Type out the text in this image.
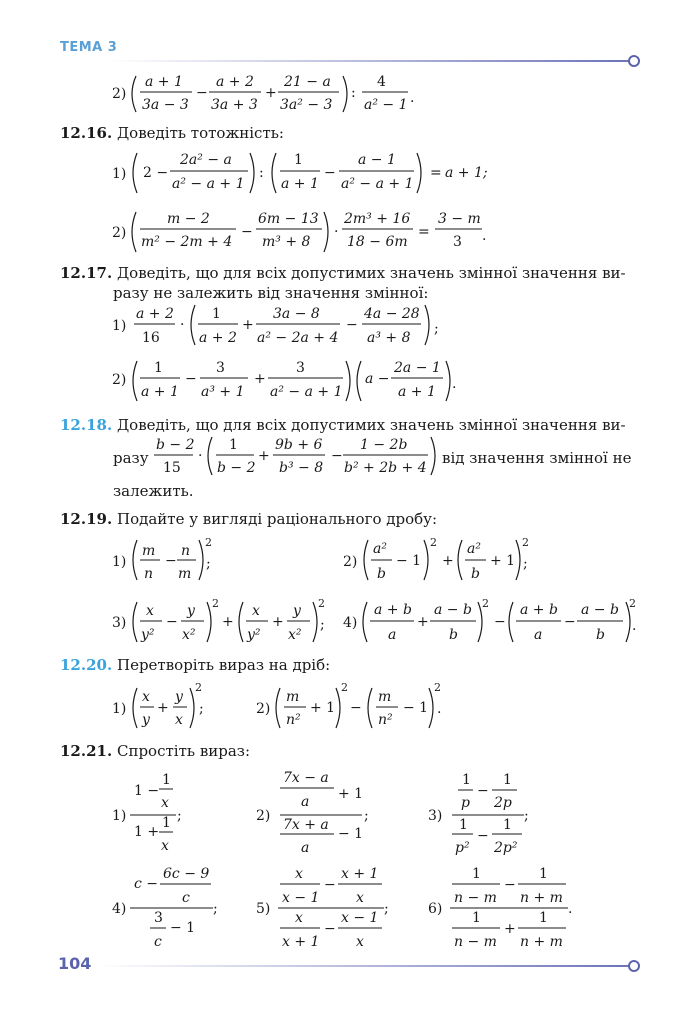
ТЕМА 3
12.16. Доведіть тотожність:
12.17. Доведіть, що для всіх допустимих значень змінної значення ви-
разу не залежить від значення змінної:
12.18. Доведіть, що для всіх допустимих значень змінної значення ви-
разу	від значення змінної не
залежить.
12.19. Подайте у вигляді раціонального дробу:
12.20. Перетворіть вираз на дріб:
12.21. Спростіть вираз:
2)
a + 1
3a − 3
−
a + 2
3a + 3
+
21 − a
3a² − 3
:
4
a² − 1 .
1) 2 −
2a² − a
a² − a + 1
:
1
a + 1
−
a − 1
a² − a + 1
= a + 1;
2)
m − 2
m² − 2m + 4
−
6m − 13
m³ + 8
·
2m³ + 16
18 − 6m
=
3 − m
3 .
1)
a + 2
16
·
1
a + 2
+
3a − 8
a² − 2a + 4
−
4a − 28
a³ + 8
;
2)
1
a + 1
−
3
a³ + 1
+
3
a² − a + 1
a −
2a − 1
a + 1 .
b − 2
15
·
1
b − 2
+
9b + 6
b³ − 8
−
1 − 2b
b² + 2b + 4
1)
m
n
−
n
m
2
;	2)
a²
b
− 1
2
+
a²
b
+ 1
2
;
3)
x
y²
−
y
x²
2
+
x
y²
+
y
x²
2
; 4)
a + b
a
+
a − b
b
2
−
a + b
a
−
a − b
b
2
.
1)
x
y
+
y
x
2
;	2)
m
n²
+ 1
2
−
m
n²
− 1
2
.
1)
1 −
1
x
1 +
1
x
;	2)
7x − a
a + 1
7x + a
a
− 1
;	3)
1
p
−
1
2p
1
p²
−
1
2p²
;
4)
c −
6c − 9
c
3
c
− 1
;	5)
x
x − 1
−
x + 1
x
x
x + 1
−
x − 1
x
;	6)
1
n − m
−
1
n + m
1
n − m
+
1
n + m
.
104
